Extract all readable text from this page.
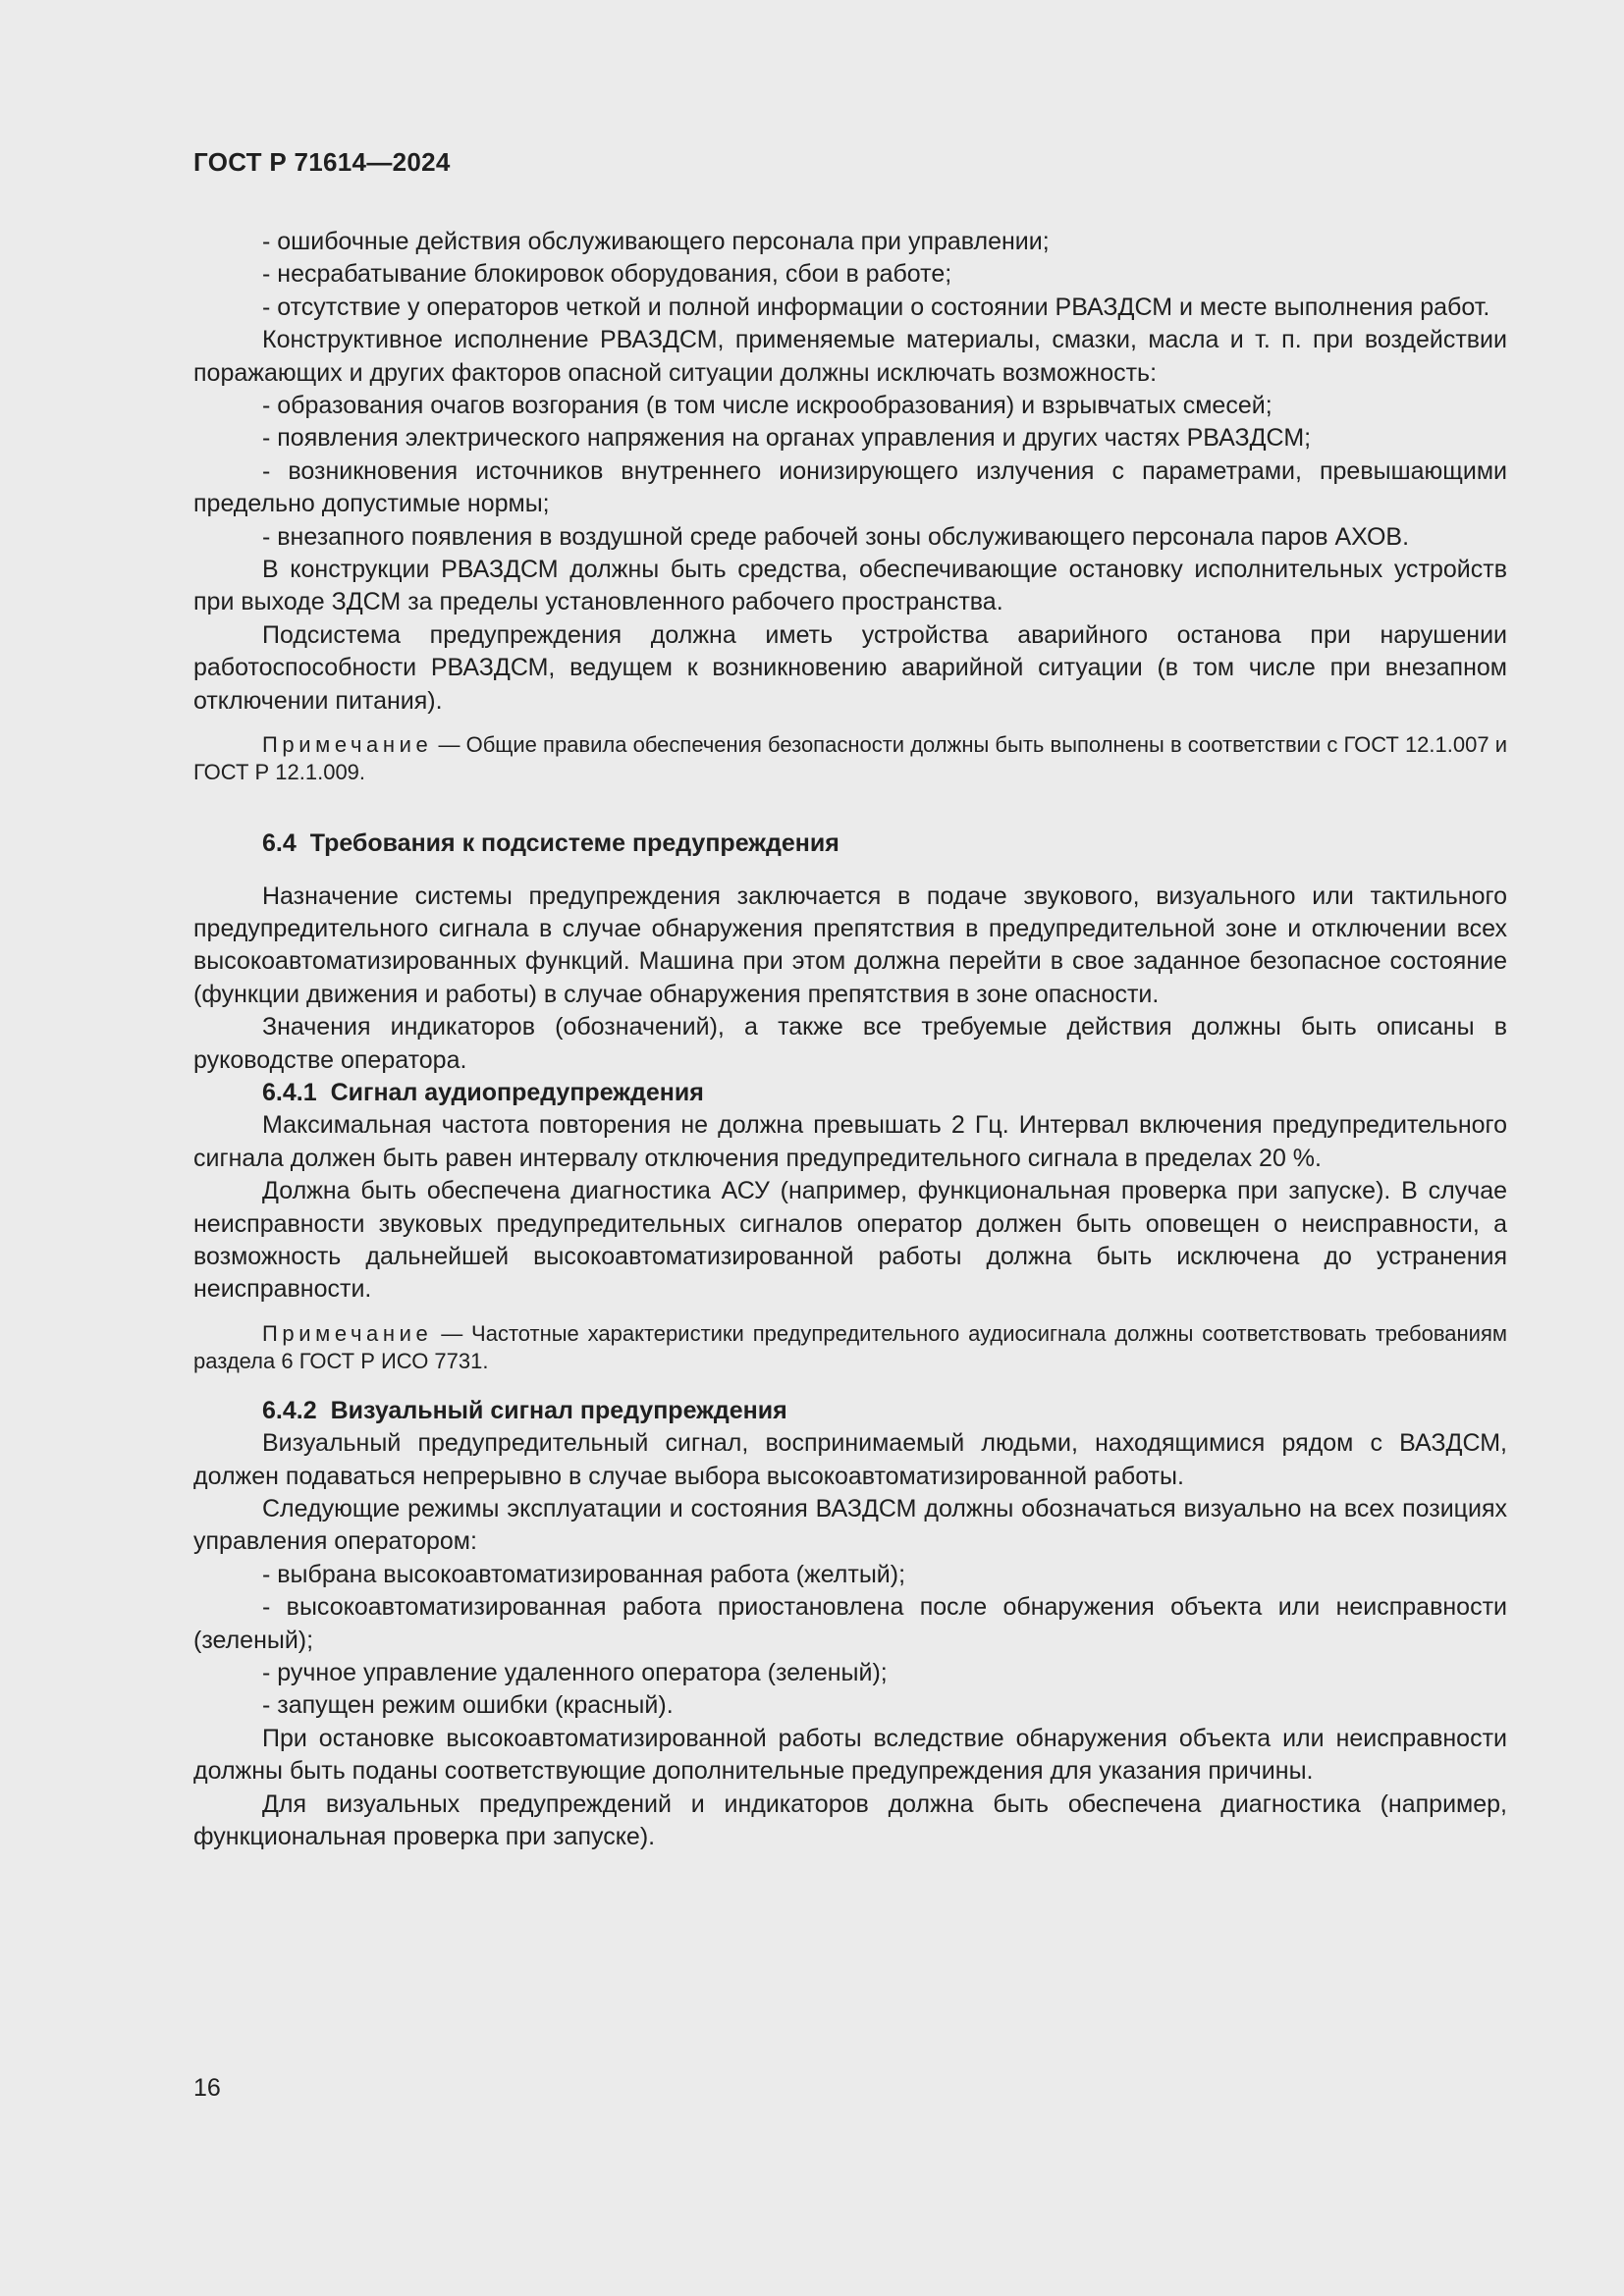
ГОСТ Р 71614—2024

- ошибочные действия обслуживающего персонала при управлении;

- несрабатывание блокировок оборудования, сбои в работе;

- отсутствие у операторов четкой и полной информации о состоянии РВАЗДСМ и месте выполнения работ.

Конструктивное исполнение РВАЗДСМ, применяемые материалы, смазки, масла и т. п. при воздействии поражающих и других факторов опасной ситуации должны исключать возможность:

- образования очагов возгорания (в том числе искрообразования) и взрывчатых смесей;

- появления электрического напряжения на органах управления и других частях РВАЗДСМ;

- возникновения источников внутреннего ионизирующего излучения с параметрами, превышающими предельно допустимые нормы;

- внезапного появления в воздушной среде рабочей зоны обслуживающего персонала паров АХОВ.

В конструкции РВАЗДСМ должны быть средства, обеспечивающие остановку исполнительных устройств при выходе ЗДСМ за пределы установленного рабочего пространства.

Подсистема предупреждения должна иметь устройства аварийного останова при нарушении работоспособности РВАЗДСМ, ведущем к возникновению аварийной ситуации (в том числе при внезапном отключении питания).

Примечание — Общие правила обеспечения безопасности должны быть выполнены в соответствии с ГОСТ 12.1.007 и ГОСТ Р 12.1.009.

6.4 Требования к подсистеме предупреждения

Назначение системы предупреждения заключается в подаче звукового, визуального или тактильного предупредительного сигнала в случае обнаружения препятствия в предупредительной зоне и отключении всех высокоавтоматизированных функций. Машина при этом должна перейти в свое заданное безопасное состояние (функции движения и работы) в случае обнаружения препятствия в зоне опасности.

Значения индикаторов (обозначений), а также все требуемые действия должны быть описаны в руководстве оператора.

6.4.1 Сигнал аудиопредупреждения

Максимальная частота повторения не должна превышать 2 Гц. Интервал включения предупредительного сигнала должен быть равен интервалу отключения предупредительного сигнала в пределах 20 %.

Должна быть обеспечена диагностика АСУ (например, функциональная проверка при запуске). В случае неисправности звуковых предупредительных сигналов оператор должен быть оповещен о неисправности, а возможность дальнейшей высокоавтоматизированной работы должна быть исключена до устранения неисправности.

Примечание — Частотные характеристики предупредительного аудиосигнала должны соответствовать требованиям раздела 6 ГОСТ Р ИСО 7731.

6.4.2 Визуальный сигнал предупреждения

Визуальный предупредительный сигнал, воспринимаемый людьми, находящимися рядом с ВАЗДСМ, должен подаваться непрерывно в случае выбора высокоавтоматизированной работы.

Следующие режимы эксплуатации и состояния ВАЗДСМ должны обозначаться визуально на всех позициях управления оператором:

- выбрана высокоавтоматизированная работа (желтый);

- высокоавтоматизированная работа приостановлена после обнаружения объекта или неисправности (зеленый);

- ручное управление удаленного оператора (зеленый);

- запущен режим ошибки (красный).

При остановке высокоавтоматизированной работы вследствие обнаружения объекта или неисправности должны быть поданы соответствующие дополнительные предупреждения для указания причины.

Для визуальных предупреждений и индикаторов должна быть обеспечена диагностика (например, функциональная проверка при запуске).

16
